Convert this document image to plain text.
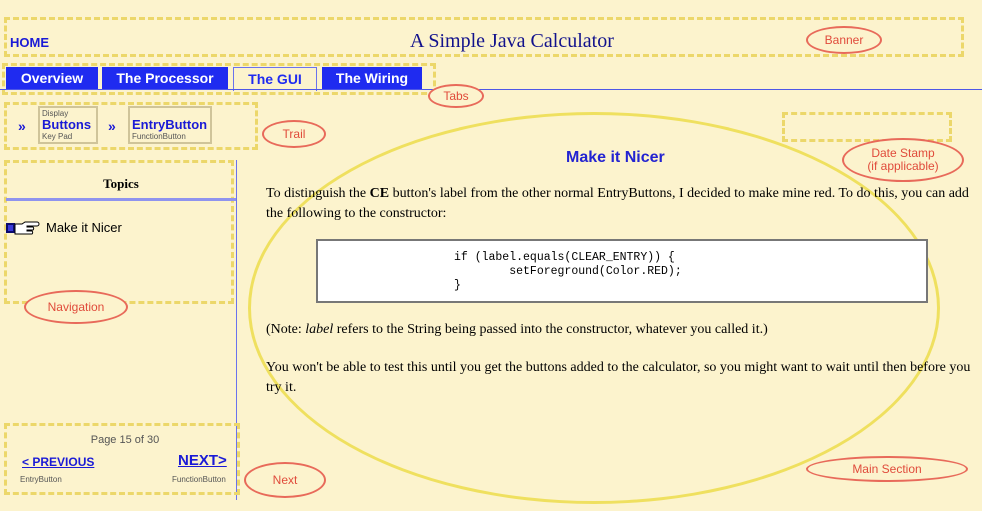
HOME	A Simple Java Calculator	Banner
Overview	The Processor	The GUI	The Wiring
Tabs
»
Display
Buttons
Key Pad
» EntryButton
FunctionButton	Trail
Date Stamp
(if applicable)
Topics
Make it Nicer
Navigation
Page 15 of 30
< PREVIOUS	NEXT>
EntryButton	FunctionButton	Next
Make it Nicer
To distinguish the CE button's label from the other normal EntryButtons, I decided to make mine red. To do this, you can add the following to the constructor:
if (label.equals(CLEAR_ENTRY)) {
setForeground(Color.RED);
}
(Note: label refers to the String being passed into the constructor, whatever you called it.)
You won't be able to test this until you get the buttons added to the calculator, so you might want to wait until then before you try it.
Main Section
